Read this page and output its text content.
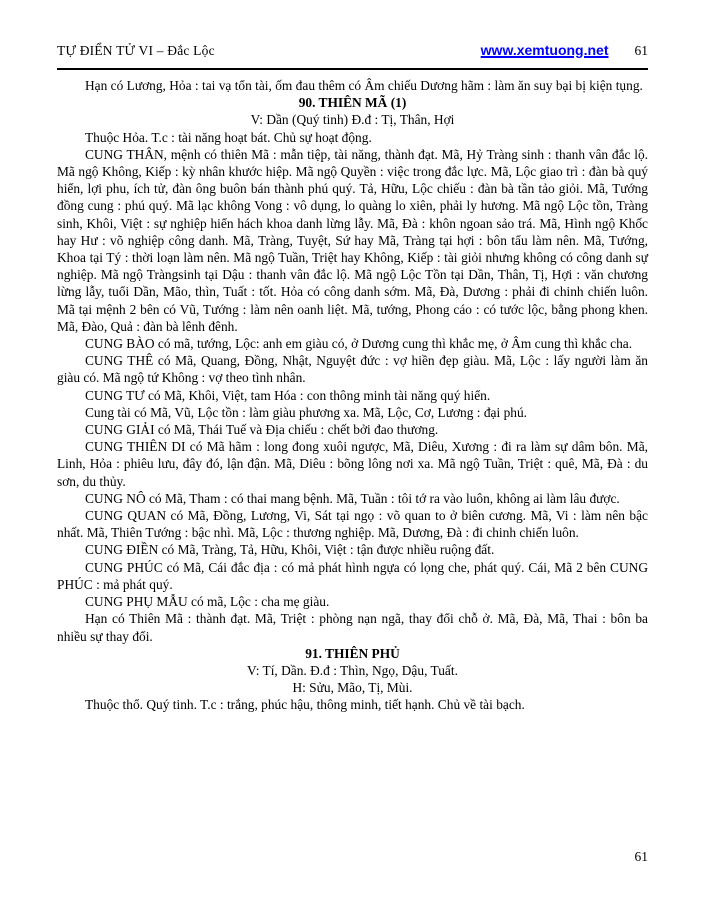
TỰ ĐIỂN TỬ VI – Đắc Lộc	www.xemtuong.net 61

Hạn có Lương, Hỏa : tai vạ tổn tài, ốm đau thêm có Âm chiếu Dương hãm : làm ăn suy bại bị kiện tụng.

90. THIÊN MÃ (1)

V: Dần (Quý tinh) Đ.đ : Tị, Thân, Hợi

Thuộc Hỏa. T.c : tài năng hoạt bát. Chủ sự hoạt động.

CUNG THÂN, mệnh có thiên Mã : mẫn tiệp, tài năng, thành đạt. Mã, Hỷ Tràng sinh : thanh vân đắc lộ. Mã ngộ Không, Kiếp : kỳ nhân khước hiệp. Mã ngộ Quyền : việc trong đắc lực. Mã, Lộc giao trì : đàn bà quý hiển, lợi phu, ích tử, đàn ông buôn bán thành phú quý. Tả, Hữu, Lộc chiếu : đàn bà tần tảo giỏi. Mã, Tướng đồng cung : phú quý. Mã lạc không Vong : vô dụng, lo quàng lo xiên, phải ly hương. Mã ngộ Lộc tồn, Tràng sinh, Khôi, Việt : sự nghiệp hiển hách khoa danh lừng lẫy. Mã, Đà : khôn ngoan sảo trá. Mã, Hình ngộ Khốc hay Hư : võ nghiệp công danh. Mã, Tràng, Tuyệt, Sứ hay Mã, Tràng tại hợi : bôn tẩu làm nên. Mã, Tướng, Khoa tại Tý : thời loạn làm nên. Mã ngộ Tuần, Triệt hay Không, Kiếp : tài giỏi nhưng không có công danh sự nghiệp. Mã ngộ Tràngsinh tại Dậu : thanh vân đắc lộ. Mã ngộ Lộc Tồn tại Dần, Thân, Tị, Hợi : văn chương lừng lẫy, tuổi Dần, Mão, thìn, Tuất : tốt. Hỏa có công danh sớm. Mã, Đà, Dương : phải đi chinh chiến luôn. Mã tại mệnh 2 bên có Vũ, Tướng : làm nên oanh liệt. Mã, tướng, Phong cáo : có tước lộc, bằng phong khen. Mã, Đào, Quả : đàn bà lênh đênh.

CUNG BÀO có mã, tướng, Lộc: anh em giàu có, ở Dương cung thì khắc mẹ, ở Âm cung thì khắc cha.

CUNG THÊ có Mã, Quang, Đồng, Nhật, Nguyệt đức : vợ hiền đẹp giàu. Mã, Lộc : lấy người làm ăn giàu có. Mã ngộ tứ Không : vợ theo tình nhân.

CUNG TƯ có Mã, Khôi, Việt, tam Hóa : con thông minh tài năng quý hiển.

Cung tài có Mã, Vũ, Lộc tồn : làm giàu phương xa. Mã, Lộc, Cơ, Lương : đại phú.

CUNG GIẢI có Mã, Thái Tuế và Địa chiếu : chết bởi đao thương.

CUNG THIÊN DI có Mã hãm : long đong xuôi ngược, Mã, Diêu, Xương : đi ra làm sự dâm bôn. Mã, Linh, Hỏa : phiêu lưu, đây đó, lận đận. Mã, Diêu : bõng lông nơi xa. Mã ngộ Tuần, Triệt : quê, Mã, Đà : du sơn, du thủy.

CUNG NÔ có Mã, Tham : có thai mang bệnh. Mã, Tuần : tôi tớ ra vào luôn, không ai làm lâu được.

CUNG QUAN có Mã, Đồng, Lương, Vi, Sát tại ngọ : võ quan to ở biên cương. Mã, Vi : làm nên bậc nhất. Mã, Thiên Tướng : bậc nhì. Mã, Lộc : thương nghiệp. Mã, Dương, Đà : đi chinh chiến luôn.

CUNG ĐIỀN có Mã, Tràng, Tả, Hữu, Khôi, Việt : tận được nhiều ruộng đất.

CUNG PHÚC có Mã, Cái đắc địa : có mả phát hình ngựa có lọng che, phát quý. Cái, Mã 2 bên CUNG PHÚC : mả phát quý.

CUNG PHỤ MẪU có mã, Lộc : cha mẹ giàu.

Hạn có Thiên Mã : thành đạt. Mã, Triệt : phòng nạn ngã, thay đổi chỗ ở. Mã, Đà, Mã, Thai : bôn ba nhiều sự thay đổi.

91. THIÊN PHỦ

V: Tí, Dần. Đ.đ : Thìn, Ngọ, Dậu, Tuất.

H: Sửu, Mão, Tị, Mùi.

Thuộc thổ. Quý tinh. T.c : trắng, phúc hậu, thông minh, tiết hạnh. Chủ về tài bạch.

61
